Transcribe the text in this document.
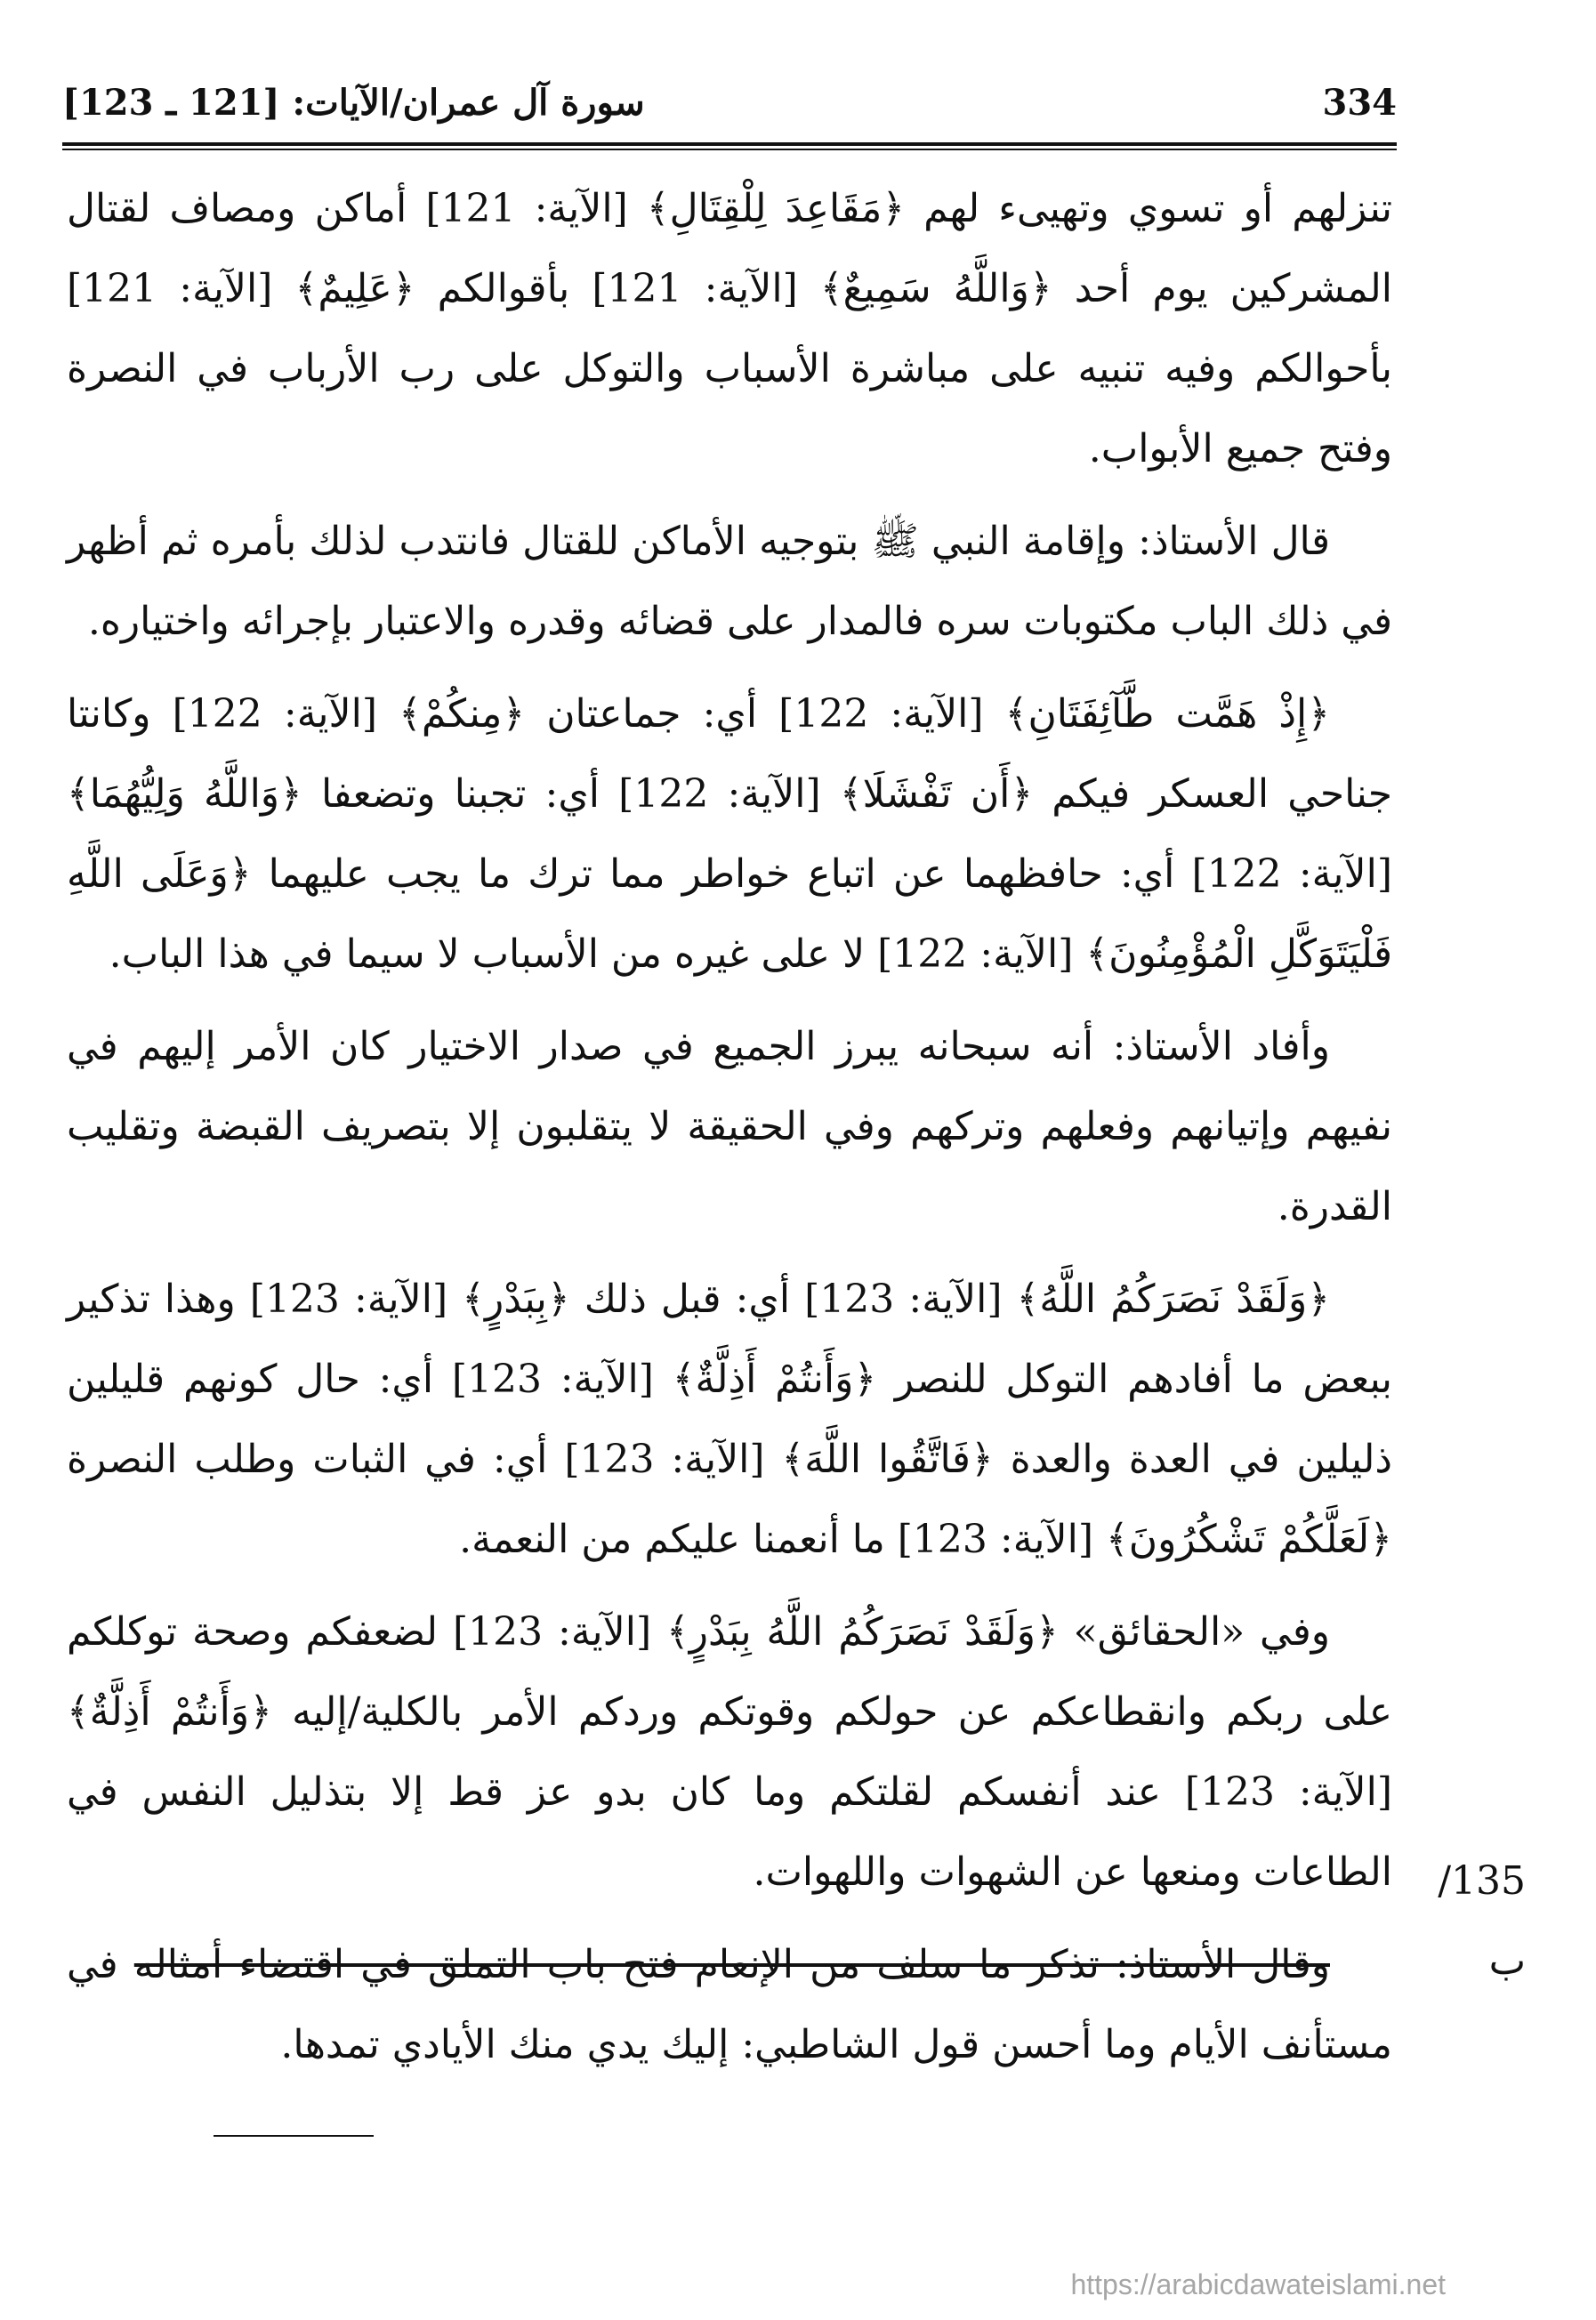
334
سورة آل عمران/الآيات: [121 ـ 123]

تنزلهم أو تسوي وتهيىء لهم ﴿مَقَاعِدَ لِلْقِتَالِ﴾ [الآية: 121] أماكن ومصاف لقتال المشركين يوم أحد ﴿وَاللَّهُ سَمِيعٌ﴾ [الآية: 121] بأقوالكم ﴿عَلِيمٌ﴾ [الآية: 121] بأحوالكم وفيه تنبيه على مباشرة الأسباب والتوكل على رب الأرباب في النصرة وفتح جميع الأبواب.

قال الأستاذ: وإقامة النبي ﷺ بتوجيه الأماكن للقتال فانتدب لذلك بأمره ثم أظهر في ذلك الباب مكتوبات سره فالمدار على قضائه وقدره والاعتبار بإجرائه واختياره.

﴿إِذْ هَمَّت طَّآئِفَتَانِ﴾ [الآية: 122] أي: جماعتان ﴿مِنكُمْ﴾ [الآية: 122] وكانتا جناحي العسكر فيكم ﴿أَن تَفْشَلَا﴾ [الآية: 122] أي: تجبنا وتضعفا ﴿وَاللَّهُ وَلِيُّهُمَا﴾ [الآية: 122] أي: حافظهما عن اتباع خواطر مما ترك ما يجب عليهما ﴿وَعَلَى اللَّهِ فَلْيَتَوَكَّلِ الْمُؤْمِنُونَ﴾ [الآية: 122] لا على غيره من الأسباب لا سيما في هذا الباب.

وأفاد الأستاذ: أنه سبحانه يبرز الجميع في صدار الاختيار كان الأمر إليهم في نفيهم وإتيانهم وفعلهم وتركهم وفي الحقيقة لا يتقلبون إلا بتصريف القبضة وتقليب القدرة.

﴿وَلَقَدْ نَصَرَكُمُ اللَّهُ﴾ [الآية: 123] أي: قبل ذلك ﴿بِبَدْرٍ﴾ [الآية: 123] وهذا تذكير ببعض ما أفادهم التوكل للنصر ﴿وَأَنتُمْ أَذِلَّةٌ﴾ [الآية: 123] أي: حال كونهم قليلين ذليلين في العدة والعدة ﴿فَاتَّقُوا اللَّهَ﴾ [الآية: 123] أي: في الثبات وطلب النصرة ﴿لَعَلَّكُمْ تَشْكُرُونَ﴾ [الآية: 123] ما أنعمنا عليكم من النعمة.

وفي «الحقائق» ﴿وَلَقَدْ نَصَرَكُمُ اللَّهُ بِبَدْرٍ﴾ [الآية: 123] لضعفكم وصحة توكلكم على ربكم وانقطاعكم عن حولكم وقوتكم وردكم الأمر بالكلية/إليه ﴿وَأَنتُمْ أَذِلَّةٌ﴾ [الآية: 123] عند أنفسكم لقلتكم وما كان بدو عز قط إلا بتذليل النفس في الطاعات ومنعها عن الشهوات واللهوات.

وقال الأستاذ: تذكر ما سلف من الإنعام فتح باب التملق في اقتضاء أمثاله في مستأنف الأيام وما أحسن قول الشاطبي: إليك يدي منك الأيادي تمدها.

135/ ب
https://arabicdawateislami.net
